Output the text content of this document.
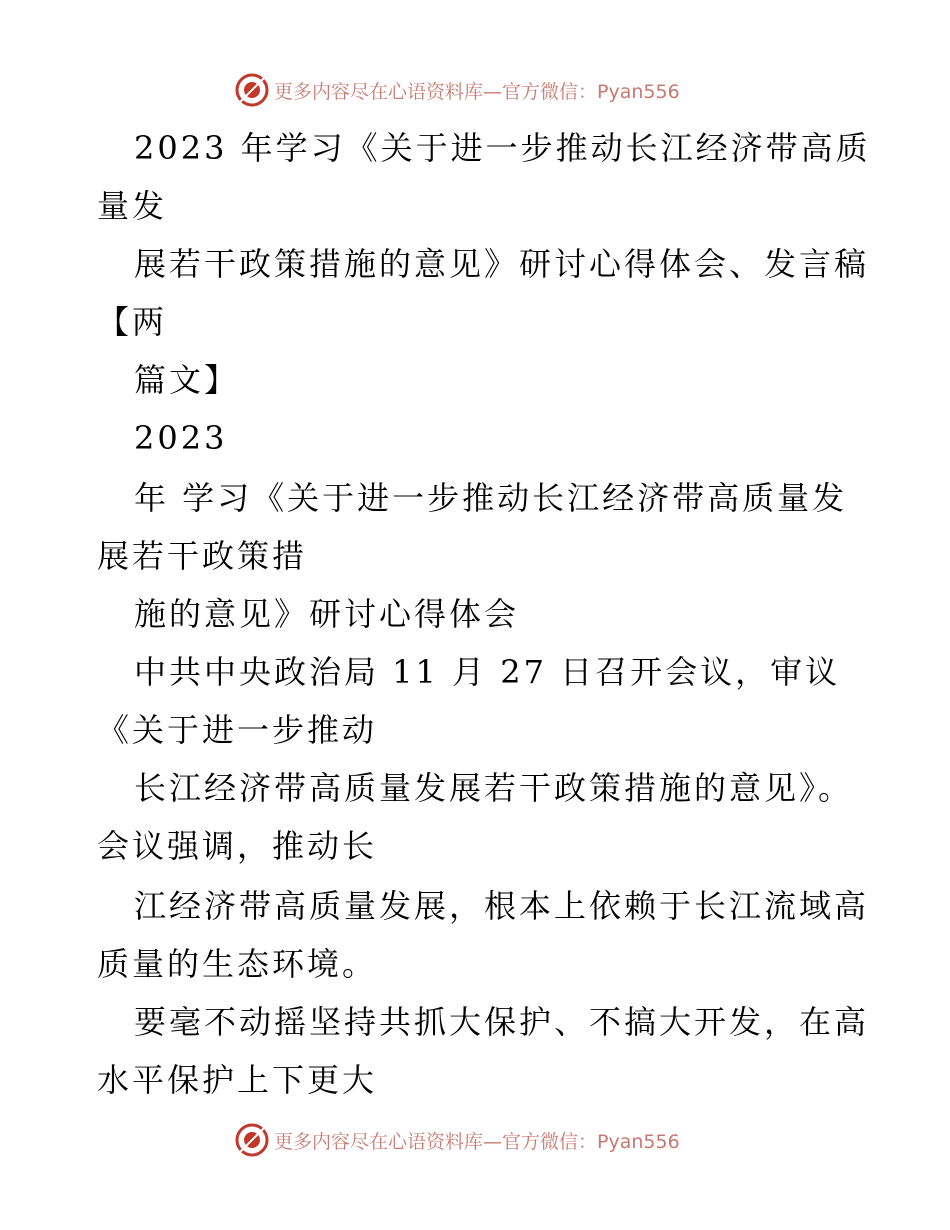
更多内容尽在心语资料库—官方微信：Pyan556

2023 年学习《关于进一步推动长江经济带高质

量发

展若干政策措施的意见》研讨心得体会、发言稿

【两

篇文】

2023

年 学习《关于进一步推动长江经济带高质量发

展若干政策措

施的意见》研讨心得体会

中共中央政治局 11 月 27 日召开会议，审议

《关于进一步推动

长江经济带高质量发展若干政策措施的意见》。

会议强调，推动长

江经济带高质量发展，根本上依赖于长江流域高

质量的生态环境。

要毫不动摇坚持共抓大保护、不搞大开发，在高

水平保护上下更大

更多内容尽在心语资料库—官方微信：Pyan556
